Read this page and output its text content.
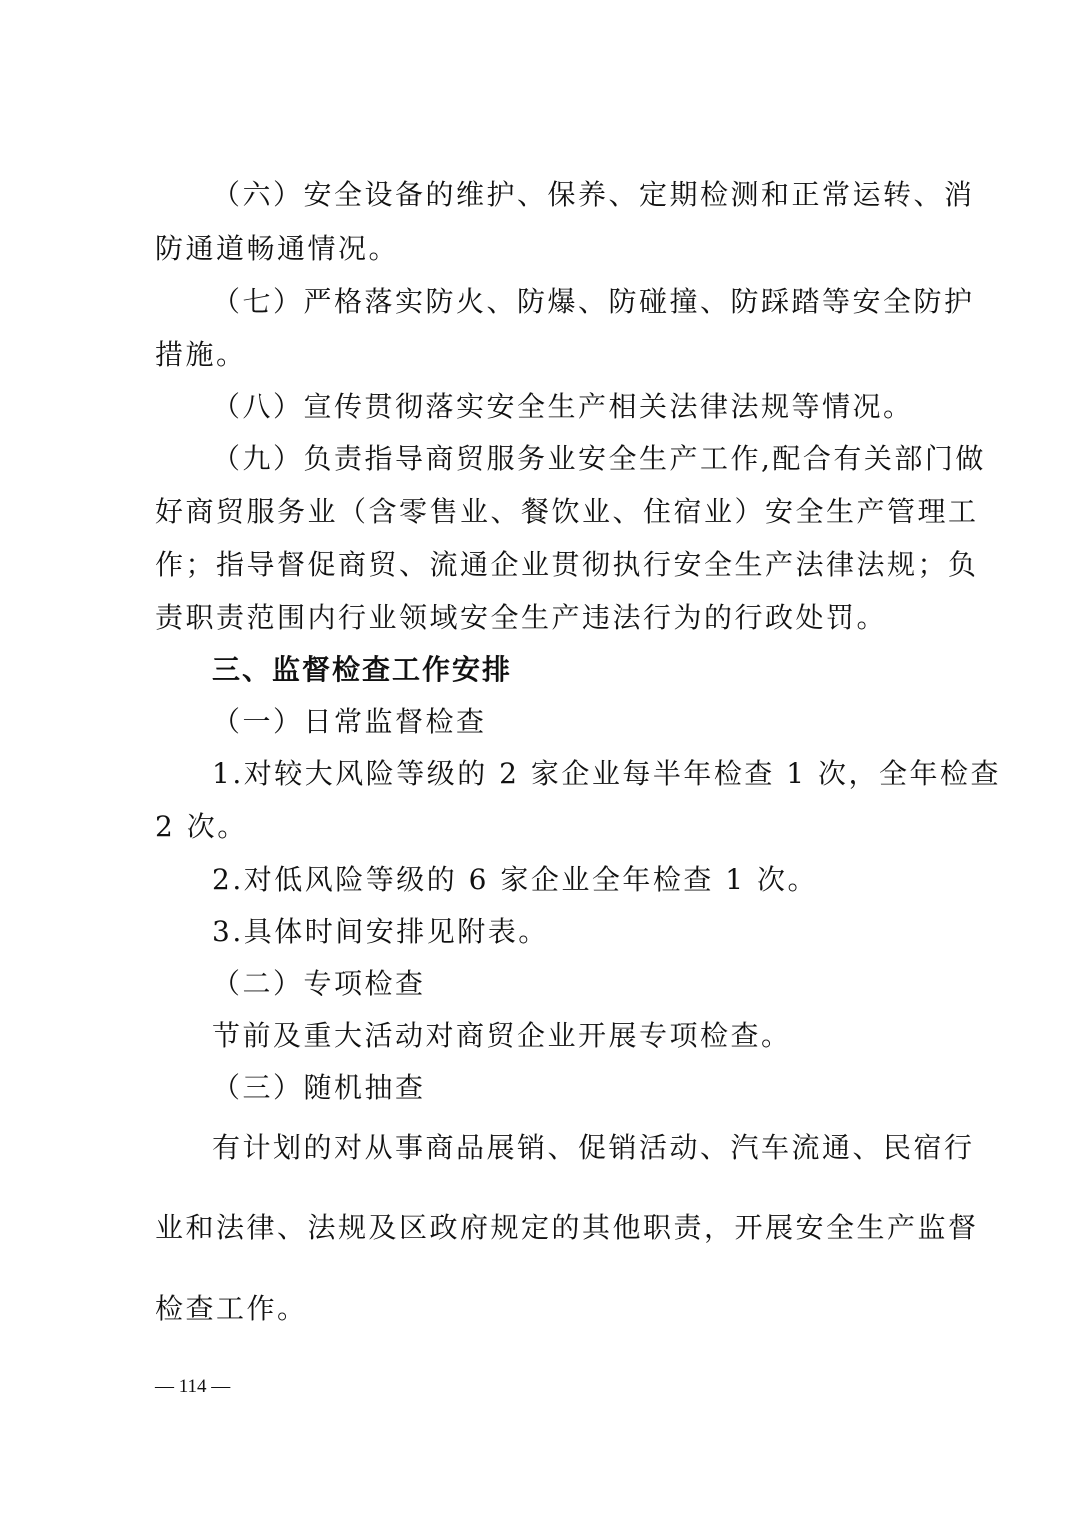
（六）安全设备的维护、保养、定期检测和正常运转、消
防通道畅通情况。
（七）严格落实防火、防爆、防碰撞、防踩踏等安全防护
措施。
（八）宣传贯彻落实安全生产相关法律法规等情况。
（九）负责指导商贸服务业安全生产工作,配合有关部门做
好商贸服务业（含零售业、餐饮业、住宿业）安全生产管理工
作；指导督促商贸、流通企业贯彻执行安全生产法律法规；负
责职责范围内行业领域安全生产违法行为的行政处罚。
三、监督检查工作安排
（一）日常监督检查
1.对较大风险等级的 2 家企业每半年检查 1 次，全年检查
2 次。
2.对低风险等级的 6 家企业全年检查 1 次。
3.具体时间安排见附表。
（二）专项检查
节前及重大活动对商贸企业开展专项检查。
（三）随机抽查
有计划的对从事商品展销、促销活动、汽车流通、民宿行
业和法律、法规及区政府规定的其他职责，开展安全生产监督
检查工作。
— 114 —
